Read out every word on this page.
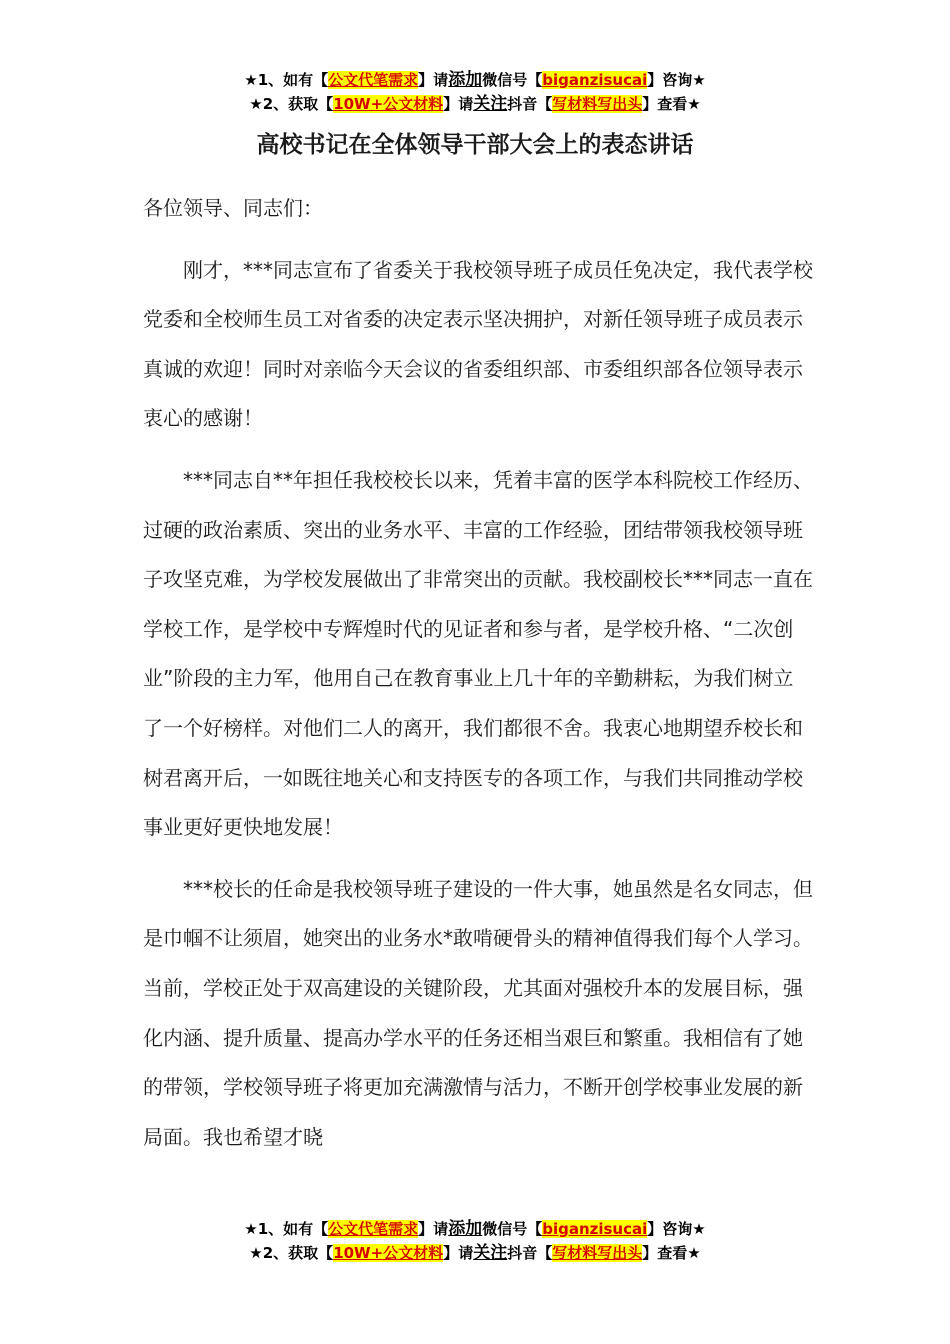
★1、如有【公文代笔需求】请添加微信号【biganzisucai】咨询★
★2、获取【10W+公文材料】请关注抖音【写材料写出头】查看★
高校书记在全体领导干部大会上的表态讲话

各位领导、同志们：

刚才，***同志宣布了省委关于我校领导班子成员任免决定，我代表学校党委和全校师生员工对省委的决定表示坚决拥护，对新任领导班子成员表示真诚的欢迎！同时对亲临今天会议的省委组织部、市委组织部各位领导表示衷心的感谢！

***同志自**年担任我校校长以来，凭着丰富的医学本科院校工作经历、过硬的政治素质、突出的业务水平、丰富的工作经验，团结带领我校领导班子攻坚克难，为学校发展做出了非常突出的贡献。我校副校长***同志一直在学校工作，是学校中专辉煌时代的见证者和参与者，是学校升格、“二次创业”阶段的主力军，他用自己在教育事业上几十年的辛勤耕耘，为我们树立了一个好榜样。对他们二人的离开，我们都很不舍。我衷心地期望乔校长和树君离开后，一如既往地关心和支持医专的各项工作，与我们共同推动学校事业更好更快地发展！

***校长的任命是我校领导班子建设的一件大事，她虽然是名女同志，但是巾帼不让须眉，她突出的业务水*敢啃硬骨头的精神值得我们每个人学习。当前，学校正处于双高建设的关键阶段，尤其面对强校升本的发展目标，强化内涵、提升质量、提高办学水平的任务还相当艰巨和繁重。我相信有了她的带领，学校领导班子将更加充满激情与活力，不断开创学校事业发展的新局面。我也希望才晓

★1、如有【公文代笔需求】请添加微信号【biganzisucai】咨询★
★2、获取【10W+公文材料】请关注抖音【写材料写出头】查看★
